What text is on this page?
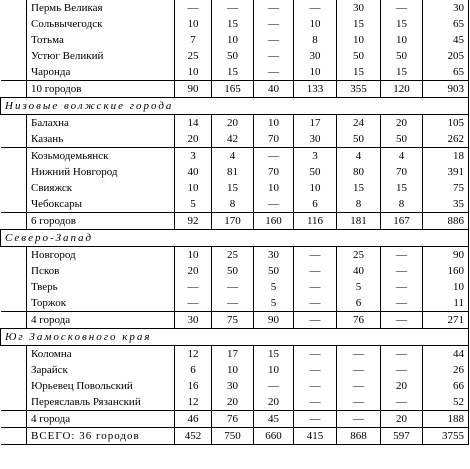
	Пермь Великая	—	—	—	—	30	—	30
	Сольвычегодск	10	15	—	10	15	15	65
	Тотьма	7	10	—	8	10	10	45
	Устюг Великий	25	50	—	30	50	50	205
	Чарoнда	10	15	—	10	15	15	65
	10 городов	90	165	40	133	355	120	903
Низовые волжские города								
	Балахна	14	20	10	17	24	20	105
	Казань	20	42	70	30	50	50	262
	Козьмодемьянск	3	4	—	3	4	4	18
	Нижний Новгород	40	81	70	50	80	70	391
	Свияжск	10	15	10	10	15	15	75
	Чебоксары	5	8	—	6	8	8	35
	6 городов	92	170	160	116	181	167	886
Северо-Запад								
	Новгород	10	25	30	—	25	—	90
	Псков	20	50	50	—	40	—	160
	Тверь	—	—	5	—	5	—	10
	Торжок	—	—	5	—	6	—	11
	4 города	30	75	90	—	76	—	271
Юг Замосковного края								
	Коломна	12	17	15	—	—	—	44
	Зарайск	6	10	10	—	—	—	26
	Юрьевец Повольский	16	30	—	—	—	20	66
	Переяславль Рязанский	12	20	20	—	—	—	52
	4 города	46	76	45	—	—	20	188
	ВСЕГО: 36 городов	452	750	660	415	868	597	3755
